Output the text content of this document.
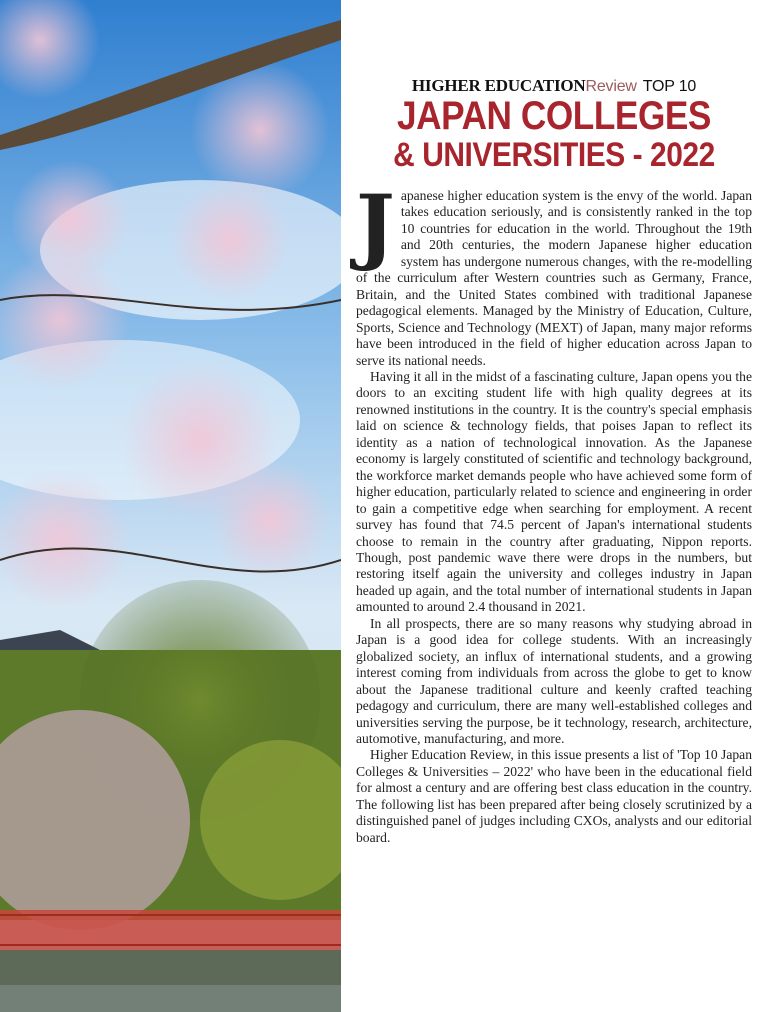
HIGHER EDUCATIONReview TOP 10
JAPAN COLLEGES
& UNIVERSITIES - 2022

Japanese higher education system is the envy of the world. Japan takes education seriously, and is consistently ranked in the top 10 countries for education in the world. Throughout the 19th and 20th centuries, the modern Japanese higher education system has undergone numerous changes, with the re-modelling of the curriculum after Western countries such as Germany, France, Britain, and the United States combined with traditional Japanese pedagogical elements. Managed by the Ministry of Education, Culture, Sports, Science and Technology (MEXT) of Japan, many major reforms have been introduced in the field of higher education across Japan to serve its national needs.

Having it all in the midst of a fascinating culture, Japan opens you the doors to an exciting student life with high quality degrees at its renowned institutions in the country. It is the country's special emphasis laid on science & technology fields, that poises Japan to reflect its identity as a nation of technological innovation. As the Japanese economy is largely constituted of scientific and technology background, the workforce market demands people who have achieved some form of higher education, particularly related to science and engineering in order to gain a competitive edge when searching for employment. A recent survey has found that 74.5 percent of Japan's international students choose to remain in the country after graduating, Nippon reports. Though, post pandemic wave there were drops in the numbers, but restoring itself again the university and colleges industry in Japan headed up again, and the total number of international students in Japan amounted to around 2.4 thousand in 2021.

In all prospects, there are so many reasons why studying abroad in Japan is a good idea for college students. With an increasingly globalized society, an influx of international students, and a growing interest coming from individuals from across the globe to get to know about the Japanese traditional culture and keenly crafted teaching pedagogy and curriculum, there are many well-established colleges and universities serving the purpose, be it technology, research, architecture, automotive, manufacturing, and more.

Higher Education Review, in this issue presents a list of 'Top 10 Japan Colleges & Universities – 2022' who have been in the educational field for almost a century and are offering best class education in the country. The following list has been prepared after being closely scrutinized by a distinguished panel of judges including CXOs, analysts and our editorial board.
